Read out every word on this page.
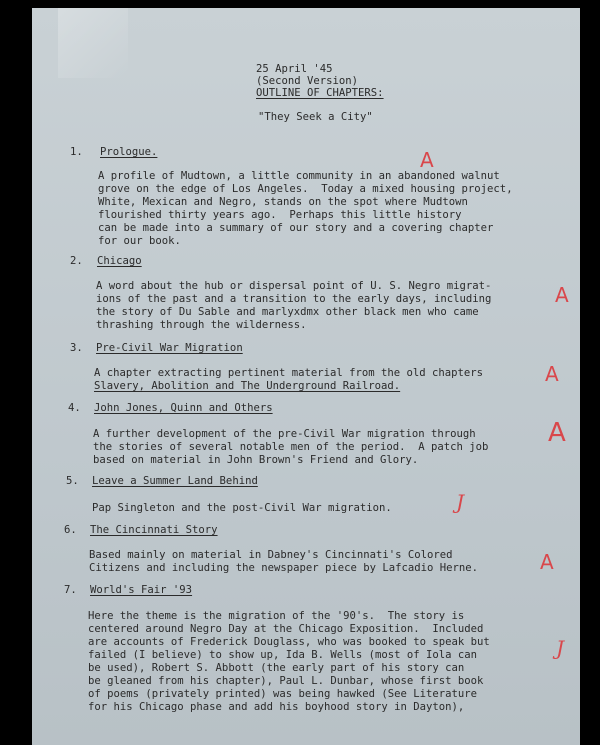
25 April '45
(Second Version)
OUTLINE OF CHAPTERS:
"They Seek a City"
1. Prologue.
A profile of Mudtown, a little community in an abandoned walnut
grove on the edge of Los Angeles.  Today a mixed housing project,
White, Mexican and Negro, stands on the spot where Mudtown
flourished thirty years ago.  Perhaps this little history
can be made into a summary of our story and a covering chapter
for our book.
A
2. Chicago
A word about the hub or dispersal point of U. S. Negro migrat-
ions of the past and a transition to the early days, including
the story of Du Sable and marlyxdmx other black men who came
thrashing through the wilderness.
A
3. Pre-Civil War Migration
A chapter extracting pertinent material from the old chapters
Slavery, Abolition and The Underground Railroad.	A
4. John Jones, Quinn and Others
A further development of the pre-Civil War migration through
the stories of several notable men of the period.  A patch job
based on material in John Brown's Friend and Glory.
A
5. Leave a Summer Land Behind
Pap Singleton and the post-Civil War migration.	J
6. The Cincinnati Story
Based mainly on material in Dabney's Cincinnati's Colored
Citizens and including the newspaper piece by Lafcadio Herne.	A
7. World's Fair '93
Here the theme is the migration of the '90's.  The story is
centered around Negro Day at the Chicago Exposition.  Included
are accounts of Frederick Douglass, who was booked to speak but
failed (I believe) to show up, Ida B. Wells (most of Iola can
be used), Robert S. Abbott (the early part of his story can
be gleaned from his chapter), Paul L. Dunbar, whose first book
of poems (privately printed) was being hawked (See Literature
for his Chicago phase and add his boyhood story in Dayton),
J
